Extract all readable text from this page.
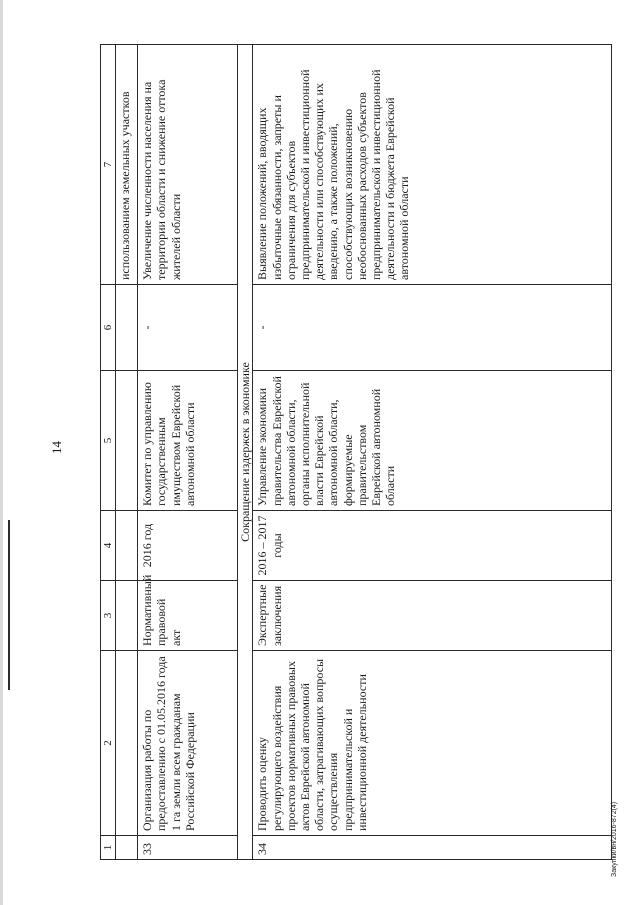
14
1	2	3	4	5	6	7
						использованием земельных участков
33	Организация работы по предоставлению с 01.05.2016 года 1 га земли всем гражданам Российской Федерации	Нормативный правовой акт	2016 год	Комитет по управлению государственным имуществом Еврейской автономной области	-	Увеличение численности населения на территории области и снижение оттока жителей области
Сокращение издержек в экономике						
34	Проводить оценку регулирующего воздействия проектов нормативных правовых актов Еврейской автономной области, затрагивающих вопросы осуществления предпринимательской и инвестиционной деятельности	Экспертные заключения	2016 – 2017 годы	Управление экономики правительства Еврейской автономной области, органы исполнительной власти Еврейской автономной области, формируемые правительством Еврейской автономной области	-	Выявление положений, вводящих избыточные обязанности, запреты и ограничения для субъектов предпринимательской и инвестиционной деятельности или способствующих их введению, а также положений, способствующих возникновению необоснованных расходов субъектов предпринимательской и инвестиционной деятельности и бюджета Еврейской автономной области
Закупки/вн/2016-872(4)
